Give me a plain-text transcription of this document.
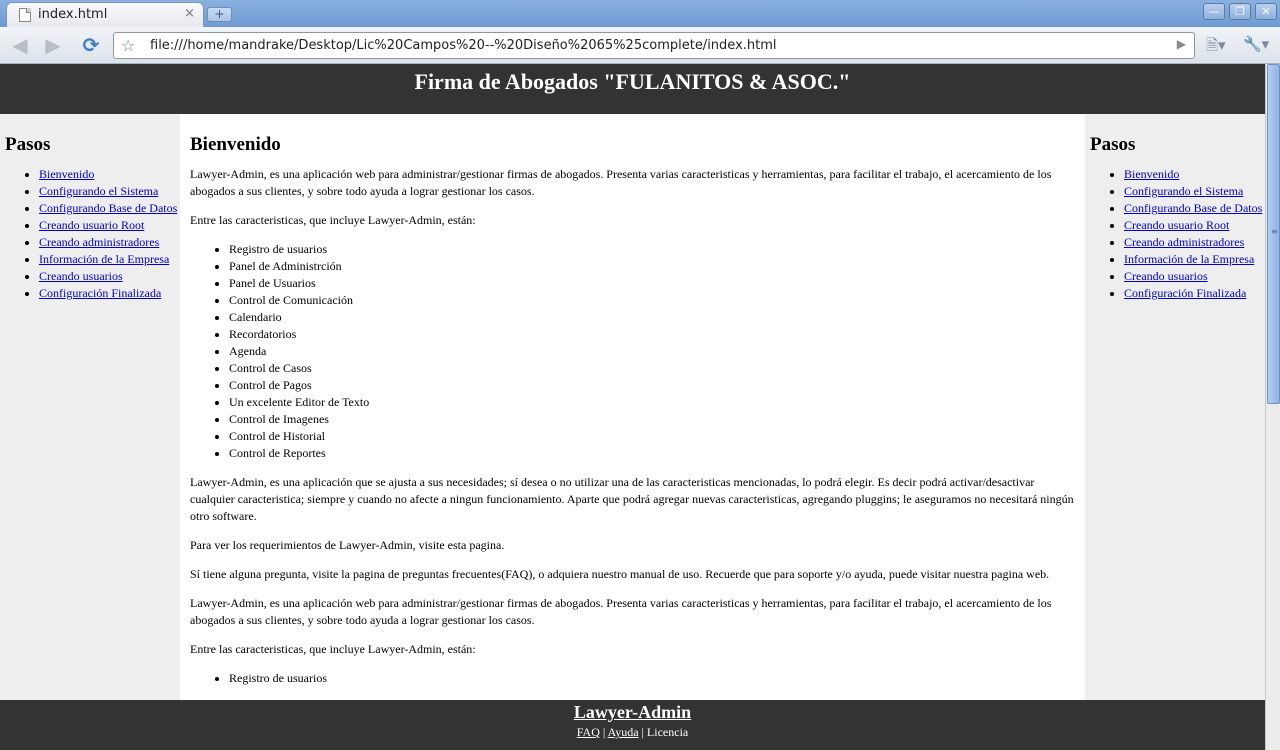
index.html	×	+	—	❐	✕
◀ ▶ ⟳ ☆ file:///home/mandrake/Desktop/Lic%20Campos%20--%20Diseño%2065%25complete/index.html	▶ 🗎▾ 🔧▾
Firma de Abogados "FULANITOS & ASOC."
Pasos
• Bienvenido
• Configurando el Sistema
• Configurando Base de Datos
• Creando usuario Root
• Creando administradores
• Información de la Empresa
• Creando usuarios
• Configuración Finalizada
Bienvenido

Lawyer-Admin, es una aplicación web para administrar/gestionar firmas de abogados. Presenta varias caracteristicas y herramientas, para facilitar el trabajo, el acercamiento de los abogados a sus clientes, y sobre todo ayuda a lograr gestionar los casos.

Entre las caracteristicas, que incluye Lawyer-Admin, están:

• Registro de usuarios
• Panel de Administrción
• Panel de Usuarios
• Control de Comunicación
• Calendario
• Recordatorios
• Agenda
• Control de Casos
• Control de Pagos
• Un excelente Editor de Texto
• Control de Imagenes
• Control de Historial
• Control de Reportes

Lawyer-Admin, es una aplicación que se ajusta a sus necesidades; sí desea o no utilizar una de las caracteristicas mencionadas, lo podrá elegir. Es decir podrá activar/desactivar cualquier caracteristica; siempre y cuando no afecte a ningun funcionamiento. Aparte que podrá agregar nuevas caracteristicas, agregando pluggins; le aseguramos no necesitará ningún otro software.

Para ver los requerimientos de Lawyer-Admin, visite esta pagina.

Sí tiene alguna pregunta, visite la pagina de preguntas frecuentes(FAQ), o adquiera nuestro manual de uso. Recuerde que para soporte y/o ayuda, puede visitar nuestra pagina web.

Lawyer-Admin, es una aplicación web para administrar/gestionar firmas de abogados. Presenta varias caracteristicas y herramientas, para facilitar el trabajo, el acercamiento de los abogados a sus clientes, y sobre todo ayuda a lograr gestionar los casos.

Entre las caracteristicas, que incluye Lawyer-Admin, están:

• Registro de usuarios
Pasos
• Bienvenido
• Configurando el Sistema
• Configurando Base de Datos
• Creando usuario Root
• Creando administradores
• Información de la Empresa
• Creando usuarios
• Configuración Finalizada
Lawyer-Admin
FAQ | Ayuda | Licencia
≡
